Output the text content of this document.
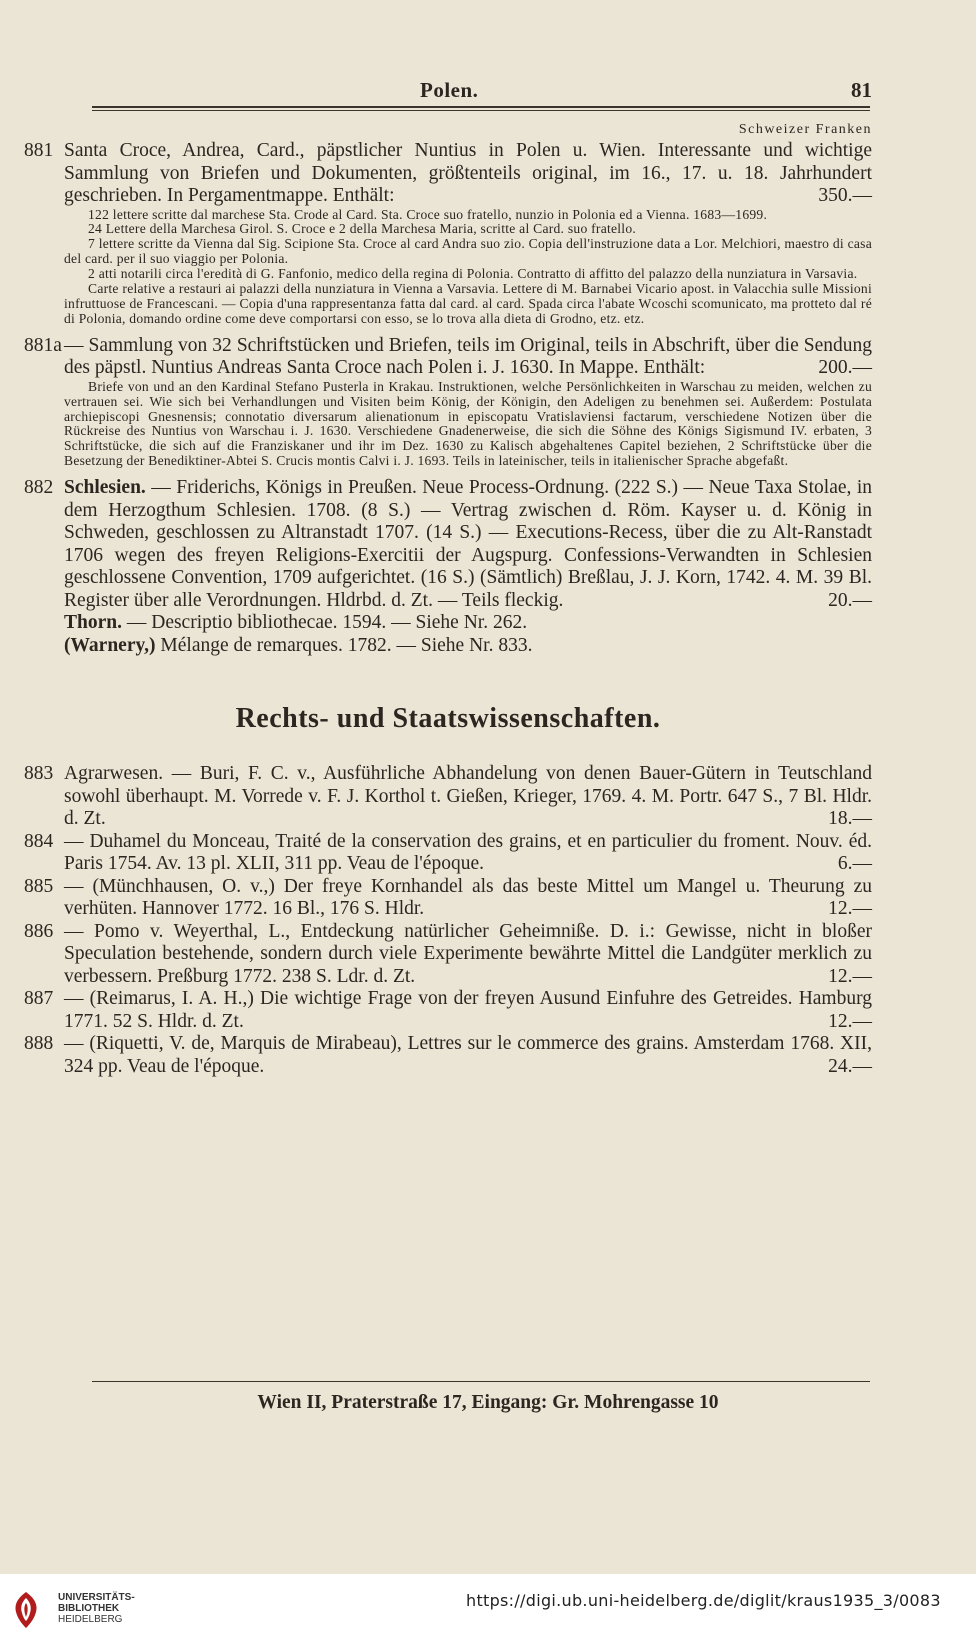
Polen.	81
Schweizer Franken
881 Santa Croce, Andrea, Card., päpstlicher Nuntius in Polen u. Wien. Interessante und wichtige Sammlung von Briefen und Dokumenten, größtenteils original, im 16., 17. u. 18. Jahrhundert geschrieben. In Pergamentmappe. Enthält:	350.—

122 lettere scritte dal marchese Sta. Crode al Card. Sta. Croce suo fratello, nunzio in Polonia ed a Vienna. 1683—1699.

24 Lettere della Marchesa Girol. S. Croce e 2 della Marchesa Maria, scritte al Card. suo fratello.

7 lettere scritte da Vienna dal Sig. Scipione Sta. Croce al card Andra suo zio. Copia dell'instruzione data a Lor. Melchiori, maestro di casa del card. per il suo viaggio per Polonia.

2 atti notarili circa l'eredità di G. Fanfonio, medico della regina di Polonia. Contratto di affitto del palazzo della nunziatura in Varsavia.

Carte relative a restauri ai palazzi della nunziatura in Vienna a Varsavia. Lettere di M. Barnabei Vicario apost. in Valacchia sulle Missioni infruttuose de Francescani. — Copia d'una rappresentanza fatta dal card. al card. Spada circa l'abate Wcoschi scomunicato, ma protteto dal ré di Polonia, domando ordine come deve comportarsi con esso, se lo trova alla dieta di Grodno, etz. etz.

881a — Sammlung von 32 Schriftstücken und Briefen, teils im Original, teils in Abschrift, über die Sendung des päpstl. Nuntius Andreas Santa Croce nach Polen i. J. 1630. In Mappe. Enthält:	200.—

Briefe von und an den Kardinal Stefano Pusterla in Krakau. Instruktionen, welche Persönlichkeiten in Warschau zu meiden, welchen zu vertrauen sei. Wie sich bei Verhandlungen und Visiten beim König, der Königin, den Adeligen zu benehmen sei. Außerdem: Postulata archiepiscopi Gnesnensis; connotatio diversarum alienationum in episcopatu Vratislaviensi factarum, verschiedene Notizen über die Rückreise des Nuntius von Warschau i. J. 1630. Verschiedene Gnadenerweise, die sich die Söhne des Königs Sigismund IV. erbaten, 3 Schriftstücke, die sich auf die Franziskaner und ihr im Dez. 1630 zu Kalisch abgehaltenes Capitel beziehen, 2 Schriftstücke über die Besetzung der Benediktiner-Abtei S. Crucis montis Calvi i. J. 1693. Teils in lateinischer, teils in italienischer Sprache abgefaßt.

882 Schlesien. — Friderichs, Königs in Preußen. Neue Process-Ordnung. (222 S.) — Neue Taxa Stolae, in dem Herzogthum Schlesien. 1708. (8 S.) — Vertrag zwischen d. Röm. Kayser u. d. König in Schweden, geschlossen zu Altranstadt 1707. (14 S.) — Executions-Recess, über die zu Alt-Ranstadt 1706 wegen des freyen Religions-Exercitii der Augspurg. Confessions-Verwandten in Schlesien geschlossene Convention, 1709 aufgerichtet. (16 S.) (Sämtlich) Breßlau, J. J. Korn, 1742. 4. M. 39 Bl. Register über alle Verordnungen. Hldrbd. d. Zt. — Teils fleckig.	20.—
Thorn. — Descriptio bibliothecae. 1594. — Siehe Nr. 262.
(Warnery,) Mélange de remarques. 1782. — Siehe Nr. 833.
Rechts- und Staatswissenschaften.
883 Agrarwesen. — Buri, F. C. v., Ausführliche Abhandelung von denen Bauer-Gütern in Teutschland sowohl überhaupt. M. Vorrede v. F. J. Korthol t. Gießen, Krieger, 1769. 4. M. Portr. 647 S., 7 Bl. Hldr. d. Zt.	18.—
884 — Duhamel du Monceau, Traité de la conservation des grains, et en particulier du froment. Nouv. éd. Paris 1754. Av. 13 pl. XLII, 311 pp. Veau de l'époque.	6.—
885 — (Münchhausen, O. v.,) Der freye Kornhandel als das beste Mittel um Mangel u. Theurung zu verhüten. Hannover 1772. 16 Bl., 176 S. Hldr.	12.—
886 — Pomo v. Weyerthal, L., Entdeckung natürlicher Geheimniße. D. i.: Gewisse, nicht in bloßer Speculation bestehende, sondern durch viele Experimente bewährte Mittel die Landgüter merklich zu verbessern. Preßburg 1772. 238 S. Ldr. d. Zt.	12.—
887 — (Reimarus, I. A. H.,) Die wichtige Frage von der freyen Ausund Einfuhre des Getreides. Hamburg 1771. 52 S. Hldr. d. Zt.	12.—
888 — (Riquetti, V. de, Marquis de Mirabeau), Lettres sur le commerce des grains. Amsterdam 1768. XII, 324 pp. Veau de l'époque.	24.—
Wien II, Praterstraße 17, Eingang: Gr. Mohrengasse 10
UNIVERSITÄTS-
BIBLIOTHEK
HEIDELBERG
https://digi.ub.uni-heidelberg.de/diglit/kraus1935_3/0083
